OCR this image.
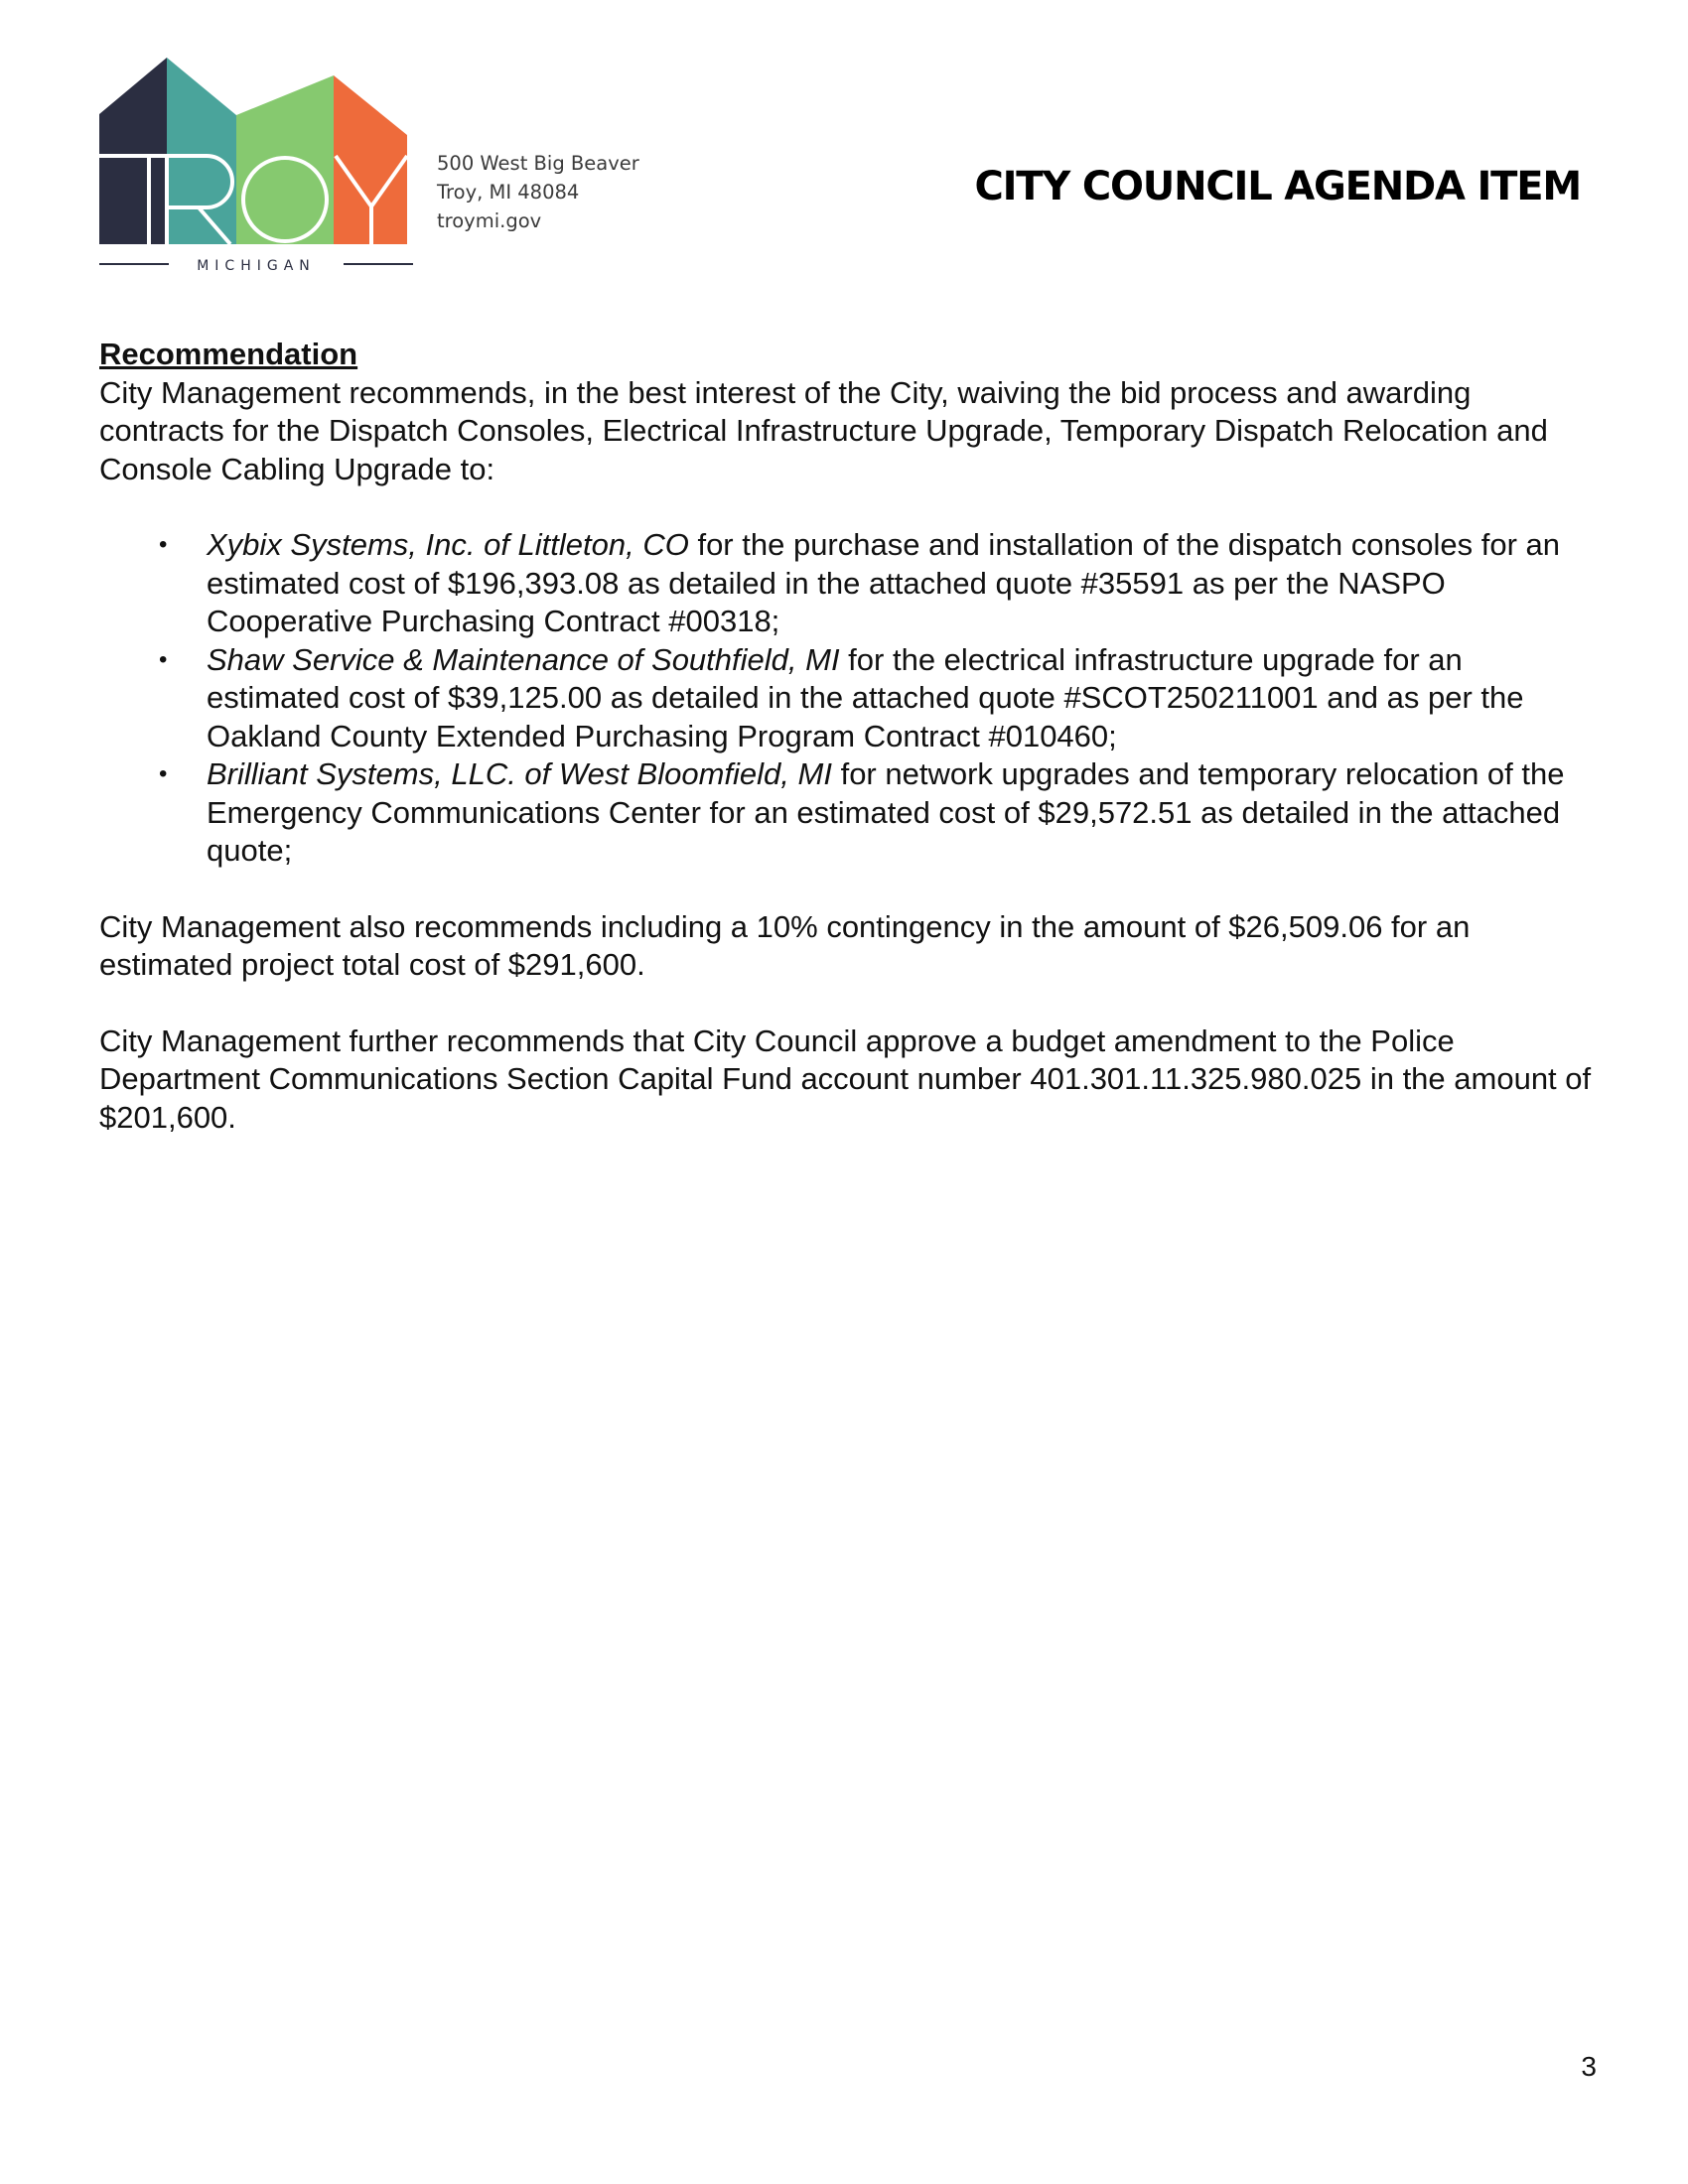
MICHIGAN
500 West Big Beaver
Troy, MI 48084
troymi.gov
CITY COUNCIL AGENDA ITEM
Recommendation

City Management recommends, in the best interest of the City, waiving the bid process and awarding contracts for the Dispatch Consoles, Electrical Infrastructure Upgrade, Temporary Dispatch Relocation and Console Cabling Upgrade to:

• Xybix Systems, Inc. of Littleton, CO for the purchase and installation of the dispatch consoles for an estimated cost of $196,393.08 as detailed in the attached quote #35591 as per the NASPO Cooperative Purchasing Contract #00318;
• Shaw Service & Maintenance of Southfield, MI for the electrical infrastructure upgrade for an estimated cost of $39,125.00 as detailed in the attached quote #SCOT250211001 and as per the Oakland County Extended Purchasing Program Contract #010460;
• Brilliant Systems, LLC. of West Bloomfield, MI for network upgrades and temporary relocation of the Emergency Communications Center for an estimated cost of $29,572.51 as detailed in the attached quote;

City Management also recommends including a 10% contingency in the amount of $26,509.06 for an estimated project total cost of $291,600.

City Management further recommends that City Council approve a budget amendment to the Police Department Communications Section Capital Fund account number 401.301.11.325.980.025 in the amount of $201,600.

3
